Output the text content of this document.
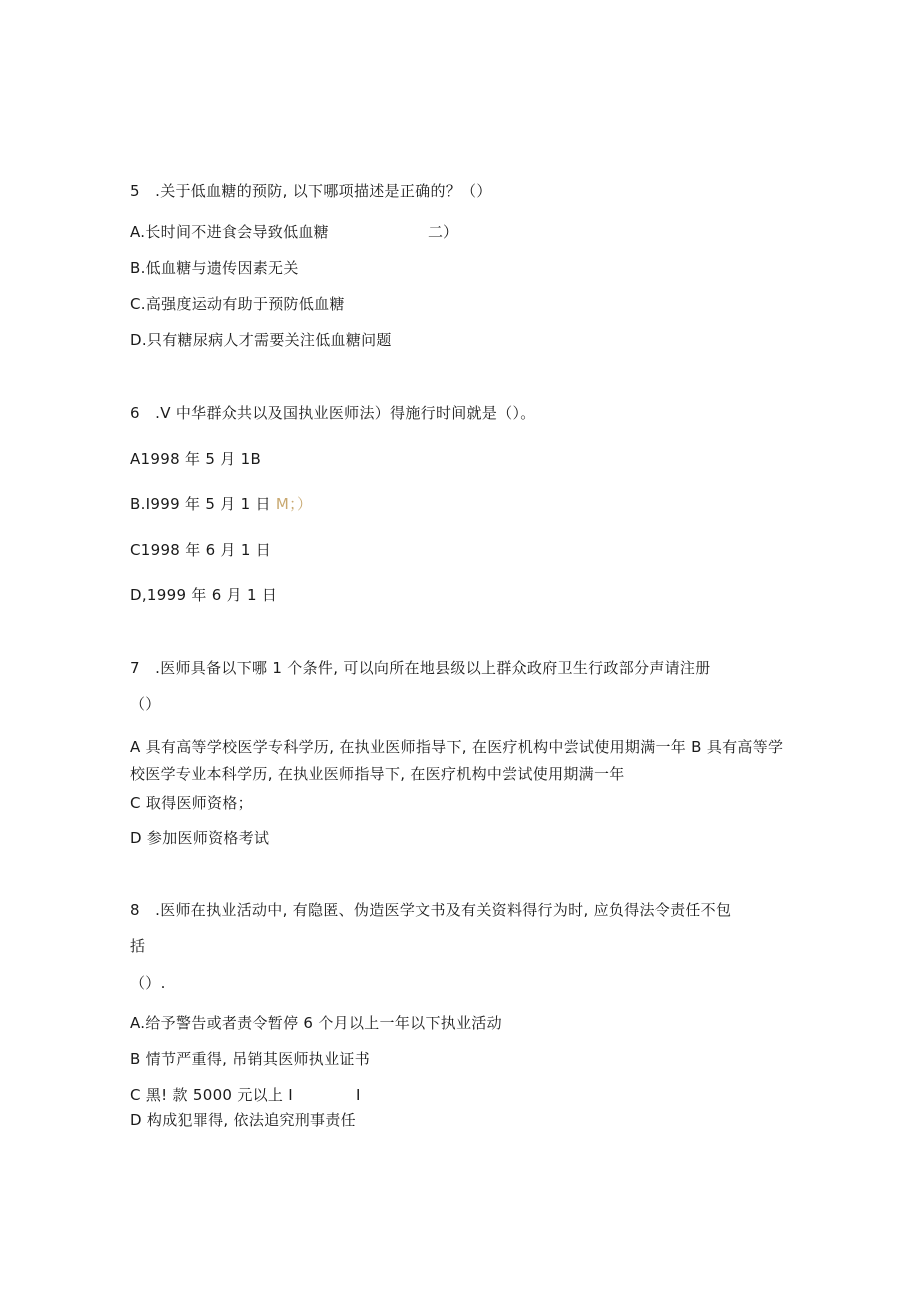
5　.关于低血糖的预防, 以下哪项描述是正确的？（）
A.长时间不进食会导致低血糖	二）
B.低血糖与遗传因素无关
C.高强度运动有助于预防低血糖
D.只有糖尿病人才需要关注低血糖问题
6　.V 中华群众共以及国执业医师法）得施行时间就是（）。
A1998 年 5 月 1B
B.I999 年 5 月 1 日 M；）
C1998 年 6 月 1 日
D,1999 年 6 月 1 日
7　.医师具备以下哪 1 个条件, 可以向所在地县级以上群众政府卫生行政部分声请注册
（）
A 具有高等学校医学专科学历, 在执业医师指导下, 在医疗机构中尝试使用期满一年 B 具有高等学校医学专业本科学历, 在执业医师指导下, 在医疗机构中尝试使用期满一年
C 取得医师资格；
D 参加医师资格考试
8　.医师在执业活动中, 有隐匿、伪造医学文书及有关资料得行为时, 应负得法令责任不包
括
（）.
A.给予警告或者责令暂停 6 个月以上一年以下执业活动
B 情节严重得, 吊销其医师执业证书
C 黑! 款 5000 元以上 I	I
D 构成犯罪得, 依法追究刑事责任
